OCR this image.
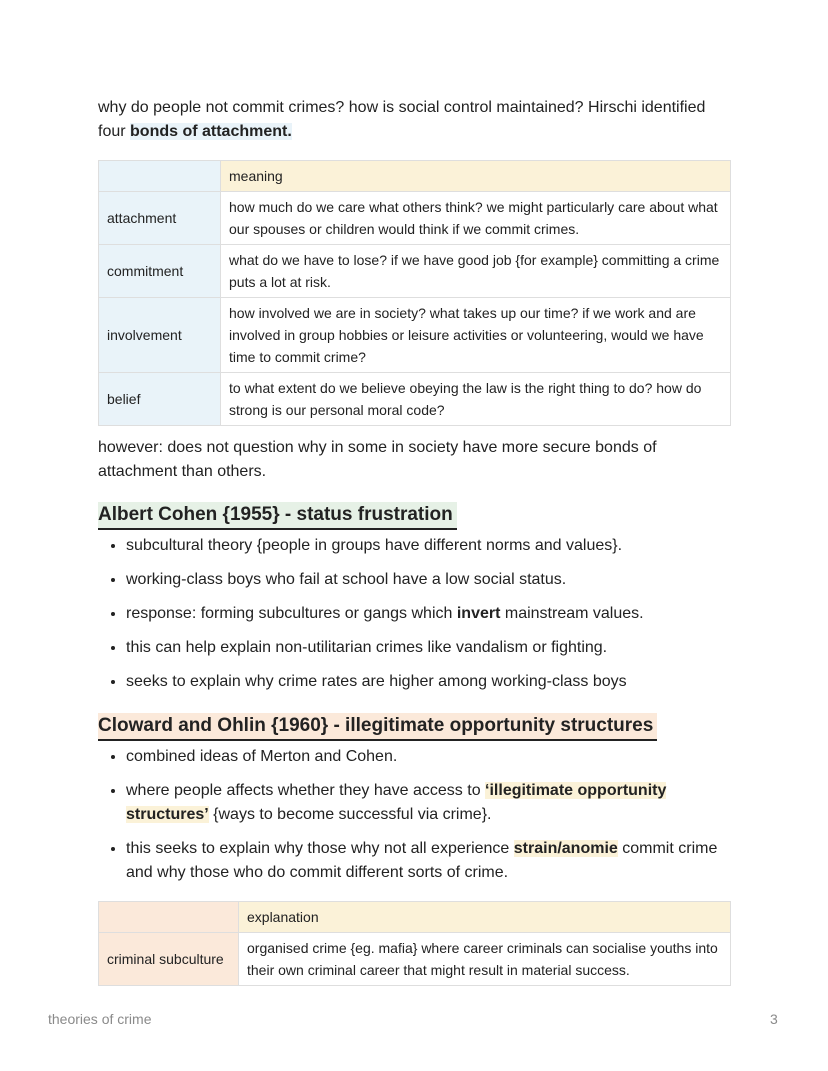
why do people not commit crimes? how is social control maintained? Hirschi identified four bonds of attachment.

	meaning
attachment	how much do we care what others think? we might particularly care about what our spouses or children would think if we commit crimes.
commitment	what do we have to lose? if we have good job {for example} committing a crime puts a lot at risk.
involvement	how involved we are in society? what takes up our time? if we work and are involved in group hobbies or leisure activities or volunteering, would we have time to commit crime?
belief	to what extent do we believe obeying the law is the right thing to do? how do strong is our personal moral code?

however: does not question why in some in society have more secure bonds of attachment than others.

Albert Cohen {1955} - status frustration
• subcultural theory {people in groups have different norms and values}.
• working-class boys who fail at school have a low social status.
• response: forming subcultures or gangs which invert mainstream values.
• this can help explain non-utilitarian crimes like vandalism or fighting.
• seeks to explain why crime rates are higher among working-class boys
Cloward and Ohlin {1960} - illegitimate opportunity structures
• combined ideas of Merton and Cohen.
• where people affects whether they have access to ‘illegitimate opportunity structures’ {ways to become successful via crime}.
• this seeks to explain why those why not all experience strain/anomie commit crime and why those who do commit different sorts of crime.
	explanation
criminal subculture	organised crime {eg. mafia} where career criminals can socialise youths into their own criminal career that might result in material success.
theories of crime	3
